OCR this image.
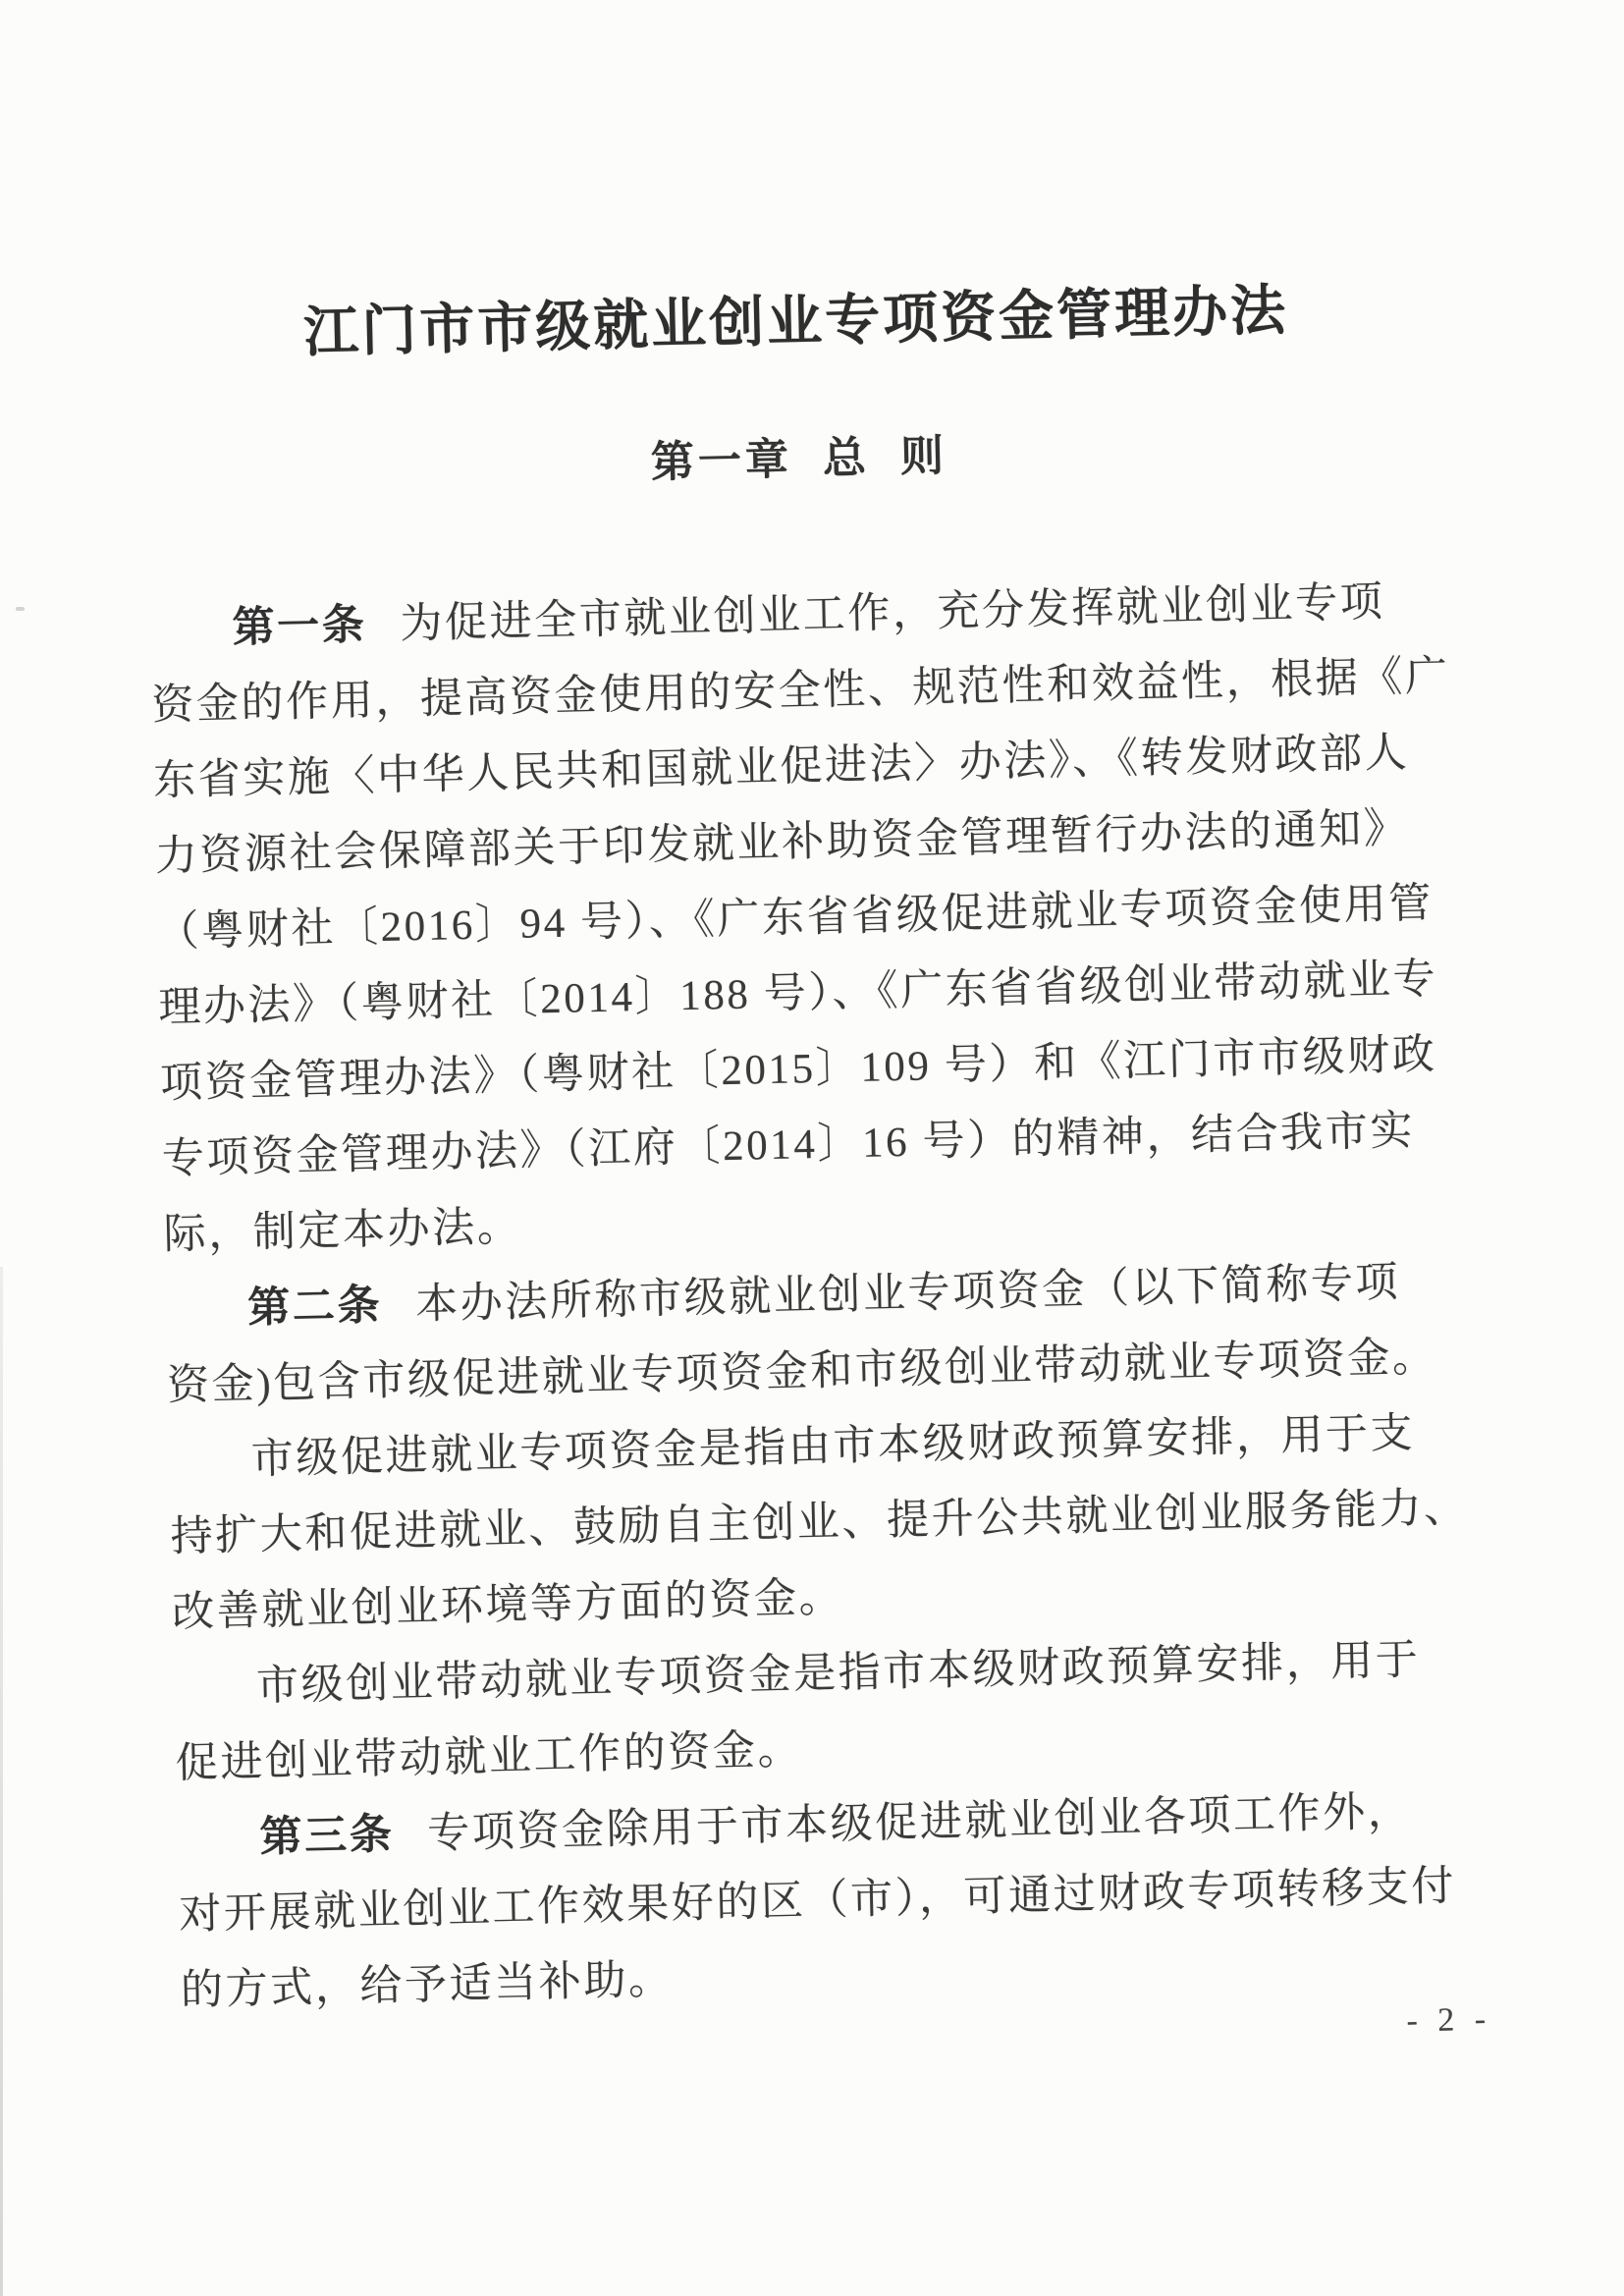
江门市市级就业创业专项资金管理办法
第一章 总 则
第一条 为促进全市就业创业工作，充分发挥就业创业专项
资金的作用，提高资金使用的安全性、规范性和效益性，根据《广
东省实施〈中华人民共和国就业促进法〉办法》、《转发财政部人
力资源社会保障部关于印发就业补助资金管理暂行办法的通知》
（粤财社〔2016〕94 号）、《广东省省级促进就业专项资金使用管
理办法》（粤财社〔2014〕188 号）、《广东省省级创业带动就业专
项资金管理办法》（粤财社〔2015〕109 号）和《江门市市级财政
专项资金管理办法》（江府〔2014〕16 号）的精神，结合我市实
际，制定本办法。
第二条 本办法所称市级就业创业专项资金（以下简称专项
资金)包含市级促进就业专项资金和市级创业带动就业专项资金。
市级促进就业专项资金是指由市本级财政预算安排，用于支
持扩大和促进就业、鼓励自主创业、提升公共就业创业服务能力、
改善就业创业环境等方面的资金。
市级创业带动就业专项资金是指市本级财政预算安排，用于
促进创业带动就业工作的资金。
第三条 专项资金除用于市本级促进就业创业各项工作外，
对开展就业创业工作效果好的区（市），可通过财政专项转移支付
的方式，给予适当补助。
- 2 -
